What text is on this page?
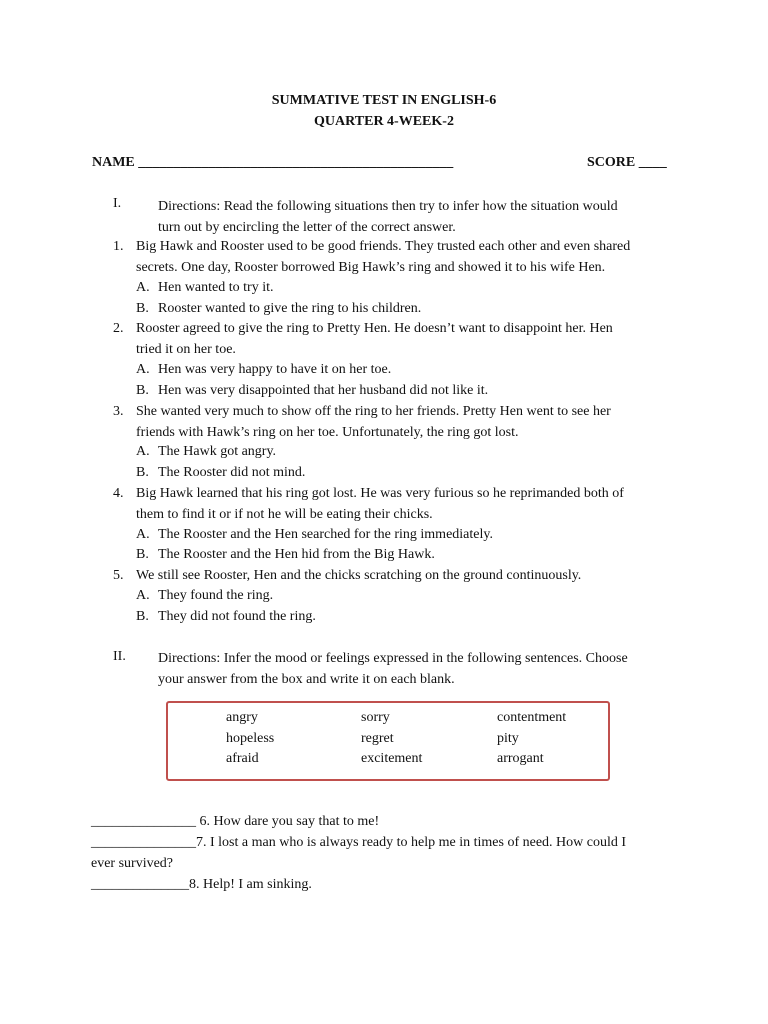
SUMMATIVE TEST IN ENGLISH-6
QUARTER 4-WEEK-2
NAME _____________________________________________	SCORE ____
I.	Directions: Read the following situations then try to infer how the situation would
turn out by encircling the letter of the correct answer.
1. Big Hawk and Rooster used to be good friends. They trusted each other and even shared
secrets. One day, Rooster borrowed Big Hawk’s ring and showed it to his wife Hen.
A. Hen wanted to try it.
B. Rooster wanted to give the ring to his children.
2. Rooster agreed to give the ring to Pretty Hen. He doesn’t want to disappoint her. Hen
tried it on her toe.
A. Hen was very happy to have it on her toe.
B. Hen was very disappointed that her husband did not like it.
3. She wanted very much to show off the ring to her friends. Pretty Hen went to see her
friends with Hawk’s ring on her toe. Unfortunately, the ring got lost.
A. The Hawk got angry.
B. The Rooster did not mind.
4. Big Hawk learned that his ring got lost. He was very furious so he reprimanded both of
them to find it or if not he will be eating their chicks.
A. The Rooster and the Hen searched for the ring immediately.
B. The Rooster and the Hen hid from the Big Hawk.
5. We still see Rooster, Hen and the chicks scratching on the ground continuously.
A. They found the ring.
B. They did not found the ring.
II. Directions: Infer the mood or feelings expressed in the following sentences. Choose
your answer from the box and write it on each blank.
angry	sorry	contentment
hopeless	regret	pity
afraid	excitement	arrogant
_______________ 6. How dare you say that to me!
_______________7. I lost a man who is always ready to help me in times of need. How could I
ever survived?
______________8. Help! I am sinking.
